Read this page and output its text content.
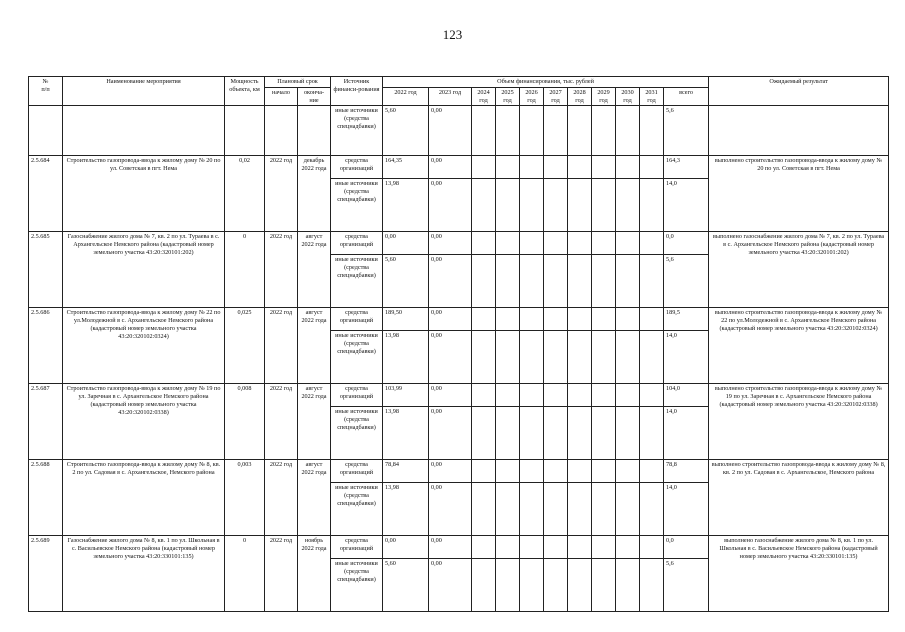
123
№
п/п	Наименование мероприятия	Мощность объекта, км	Плановый срок		Источник финанси-рования	Объем финансирования, тыс. рублей											Ожидаемый результат
			начало	оконча-ние		2022 год	2023 год	2024 год	2025 год	2026 год	2027 год	2028 год	2029 год	2030 год	2031 год	всего	
					иные источники (средства спецнадбавки)	5,60	0,00									5,6	
2.5.684	Строительство газопровода-ввода к жилому дому № 20 по ул. Советская в пгт. Нема	0,02	2022 год	декабрь 2022 года	средства организаций	164,35	0,00									164,3	выполнено строительство газопровода-ввода к жилому дому № 20 по ул. Советская в пгт. Нема
					иные источники (средства спецнадбавки)	13,98	0,00									14,0	
2.5.685	Газоснабжение жилого дома № 7, кв. 2 по ул. Тураева в с. Архангельское Немского района (кадастровый номер земельного участка 43:20:320101:202)	0	2022 год	август 2022 года	средства организаций	0,00	0,00									0,0	выполнено газоснабжение жилого дома № 7, кв. 2 по ул. Тураева в с. Архангельское Немского района (кадастровый номер земельного участка 43:20:320101:202)
					иные источники (средства спецнадбавки)	5,60	0,00									5,6	
2.5.686	Строительство газопровода-ввода к жилому дому № 22 по ул.Молодежной в с. Архангельское Немского района (кадастровый номер земельного участка 43:20:320102:0324)	0,025	2022 год	август 2022 года	средства организаций	189,50	0,00									189,5	выполнено строительство газопровода-ввода к жилому дому № 22 по ул.Молодежной в с. Архангельское Немского района (кадастровый номер земельного участка 43:20:320102:0324)
					иные источники (средства спецнадбавки)	13,98	0,00									14,0	
2.5.687	Строительство газопровода-ввода к жилому дому № 19 по ул. Заречная в с. Архангельское Немского района (кадастровый номер земельного участка 43:20:320102:0338)	0,008	2022 год	август 2022 года	средства организаций	103,99	0,00									104,0	выполнено строительство газопровода-ввода к жилому дому № 19 по ул. Заречная в с. Архангельское Немского района (кадастровый номер земельного участка 43:20:320102:0338)
					иные источники (средства спецнадбавки)	13,98	0,00									14,0	
2.5.688	Строительство газопровода-ввода к жилому дому № 8, кв. 2 по ул. Садовая в с. Архангельское, Немского района	0,003	2022 год	август 2022 года	средства организаций	78,84	0,00									78,8	выполнено строительство газопровода-ввода к жилому дому № 8, кв. 2 по ул. Садовая в с. Архангельское, Немского района
					иные источники (средства спецнадбавки)	13,98	0,00									14,0	
2.5.689	Газоснабжение жилого дома № 8, кв. 1 по ул. Школьная в с. Васильевское Немского района (кадастровый номер земельного участка 43:20:330101:135)	0	2022 год	ноябрь 2022 года	средства организаций	0,00	0,00									0,0	выполнено газоснабжение жилого дома № 8, кв. 1 по ул. Школьная в с. Васильевское Немского района (кадастровый номер земельного участка 43:20:330101:135)
					иные источники (средства спецнадбавки)	5,60	0,00									5,6	
